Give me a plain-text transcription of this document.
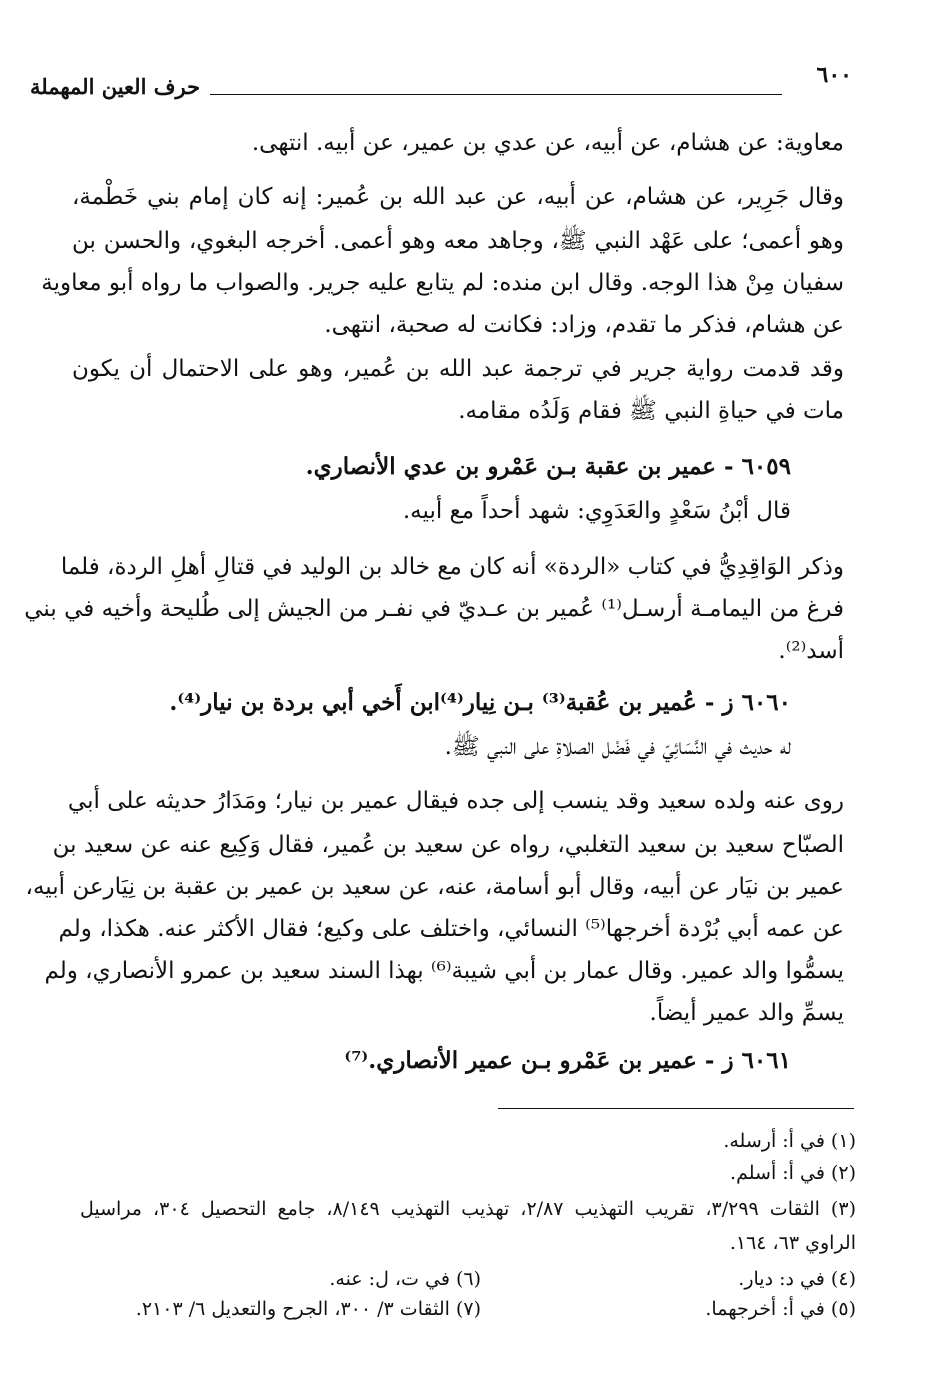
٦٠٠
حرف العين المهملة
معاوية: عن هشام، عن أبيه، عن عدي بن عمير، عن أبيه. انتهى.
وقال جَرِير، عن هشام، عن أبيه، عن عبد الله بن عُمير: إنه كان إمام بني خَطْمة،
وهو أعمى؛ على عَهْد النبي ﷺ، وجاهد معه وهو أعمى. أخرجه البغوي، والحسن بن
سفيان مِنْ هذا الوجه. وقال ابن منده: لم يتابع عليه جرير. والصواب ما رواه أبو معاوية
عن هشام، فذكر ما تقدم، وزاد: فكانت له صحبة، انتهى.
وقد قدمت رواية جرير في ترجمة عبد الله بن عُمير، وهو على الاحتمال أن يكون
مات في حياةِ النبي ﷺ فقام وَلَدُه مقامه.
٦٠٥٩ - عمير بن عقبة بـن عَمْرو بن عدي الأنصاري.
قال أبْنُ سَعْدٍ والعَدَوِي: شهد أحداً مع أبيه.
وذكر الوَاقِدِيُّ في كتاب «الردة» أنه كان مع خالد بن الوليد في قتالِ أهلِ الردة، فلما
فرغ من اليمامـة أرسـل⁽¹⁾ عُمير بن عـديّ في نفـر من الجيش إلى طُليحة وأخيه في بني
أسد⁽²⁾.
٦٠٦٠ ز - عُمير بن عُقبة⁽³⁾ بـن نِيار⁽⁴⁾ابن أَخي أبي بردة بن نيار⁽⁴⁾.
له حديث في النَّسَائِيّ في فَضْل الصلاةِ على النبي ﷺ.
روى عنه ولده سعيد وقد ينسب إلى جده فيقال عمير بن نيار؛ ومَدَارُ حديثه على أبي
الصبّاح سعيد بن سعيد التغلبي، رواه عن سعيد بن عُمير، فقال وَكِيع عنه عن سعيد بن
عمير بن نيَار عن أبيه، وقال أبو أسامة، عنه، عن سعيد بن عمير بن عقبة بن نِيَارعن أبيه،
عن عمه أبي بُرْدة أخرجها⁽⁵⁾ النسائي، واختلف على وكيع؛ فقال الأكثر عنه. هكذا، ولم
يسمُّوا والد عمير. وقال عمار بن أبي شيبة⁽⁶⁾ بهذا السند سعيد بن عمرو الأنصاري، ولم
يسمِّ والد عمير أيضاً.
٦٠٦١ ز - عمير بن عَمْرو بـن عمير الأنصاري.⁽⁷⁾
(١) في أ: أرسله.
(٢) في أ: أسلم.
(٣) الثقات ٣/٢٩٩، تقريب التهذيب ٢/٨٧، تهذيب التهذيب ٨/١٤٩، جامع التحصيل ٣٠٤، مراسيل
الراوي ٦٣، ١٦٤.
(٤) في د: ديار.
(٦) في ت، ل: عنه.
(٥) في أ: أخرجهما.
(٧) الثقات ٣/ ٣٠٠، الجرح والتعديل ٦/ ٢١٠٣.
